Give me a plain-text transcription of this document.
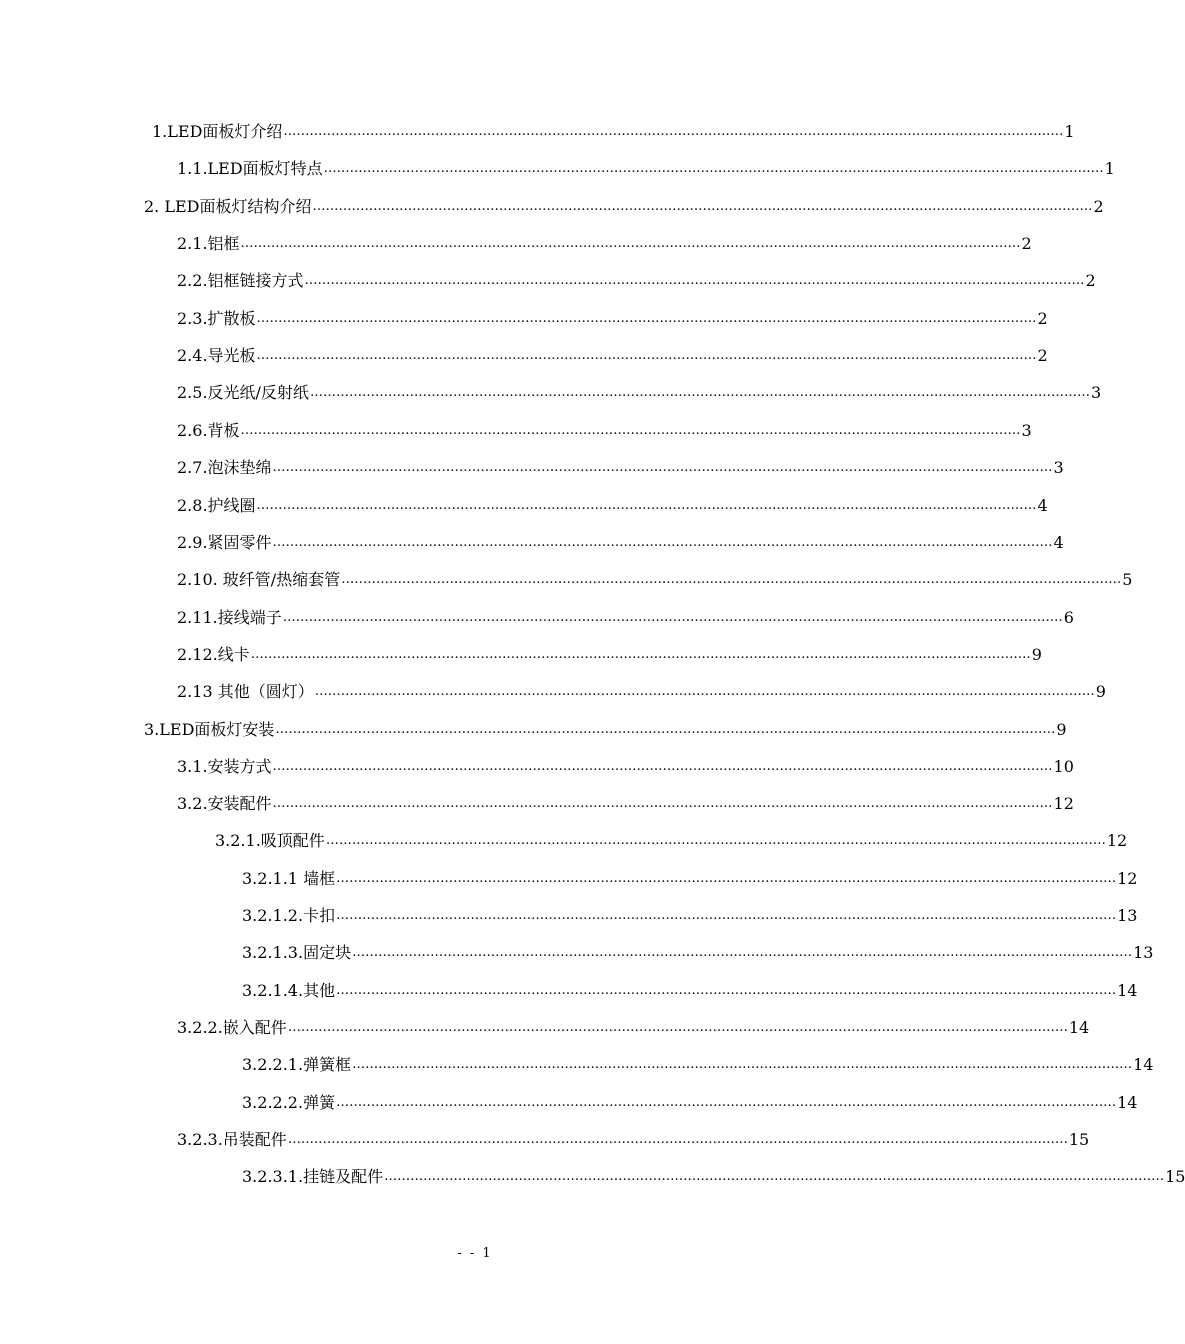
1.LED面板灯介绍 ……………………………………………………………………………………………………………………………………………………………… 1
1.1.LED面板灯特点 ……………………………………………………………………………………………………………………………………………………………… 1
2. LED面板灯结构介绍 ……………………………………………………………………………………………………………………………………………………………… 2
2.1.铝框 ……………………………………………………………………………………………………………………………………………………………… 2
2.2.铝框链接方式 ……………………………………………………………………………………………………………………………………………………………… 2
2.3.扩散板 ……………………………………………………………………………………………………………………………………………………………… 2
2.4.导光板 ……………………………………………………………………………………………………………………………………………………………… 2
2.5.反光纸/反射纸 ……………………………………………………………………………………………………………………………………………………………… 3
2.6.背板 ……………………………………………………………………………………………………………………………………………………………… 3
2.7.泡沫垫绵 ……………………………………………………………………………………………………………………………………………………………… 3
2.8.护线圈 ……………………………………………………………………………………………………………………………………………………………… 4
2.9.紧固零件 ……………………………………………………………………………………………………………………………………………………………… 4
2.10. 玻纤管/热缩套管 ……………………………………………………………………………………………………………………………………………………………… 5
2.11.接线端子 ……………………………………………………………………………………………………………………………………………………………… 6
2.12.线卡 ……………………………………………………………………………………………………………………………………………………………… 9
2.13 其他（圆灯） ……………………………………………………………………………………………………………………………………………………………… 9
3.LED面板灯安装 ……………………………………………………………………………………………………………………………………………………………… 9
3.1.安装方式 ……………………………………………………………………………………………………………………………………………………………… 10
3.2.安装配件 ……………………………………………………………………………………………………………………………………………………………… 12
3.2.1.吸顶配件 ……………………………………………………………………………………………………………………………………………………………… 12
3.2.1.1 墙框 ……………………………………………………………………………………………………………………………………………………………… 12
3.2.1.2.卡扣 ……………………………………………………………………………………………………………………………………………………………… 13
3.2.1.3.固定块 ……………………………………………………………………………………………………………………………………………………………… 13
3.2.1.4.其他 ……………………………………………………………………………………………………………………………………………………………… 14
3.2.2.嵌入配件 ……………………………………………………………………………………………………………………………………………………………… 14
3.2.2.1.弹簧框 ……………………………………………………………………………………………………………………………………………………………… 14
3.2.2.2.弹簧 ……………………………………………………………………………………………………………………………………………………………… 14
3.2.3.吊装配件 ……………………………………………………………………………………………………………………………………………………………… 15
3.2.3.1.挂链及配件 ……………………………………………………………………………………………………………………………………………………………… 15
- - 1
